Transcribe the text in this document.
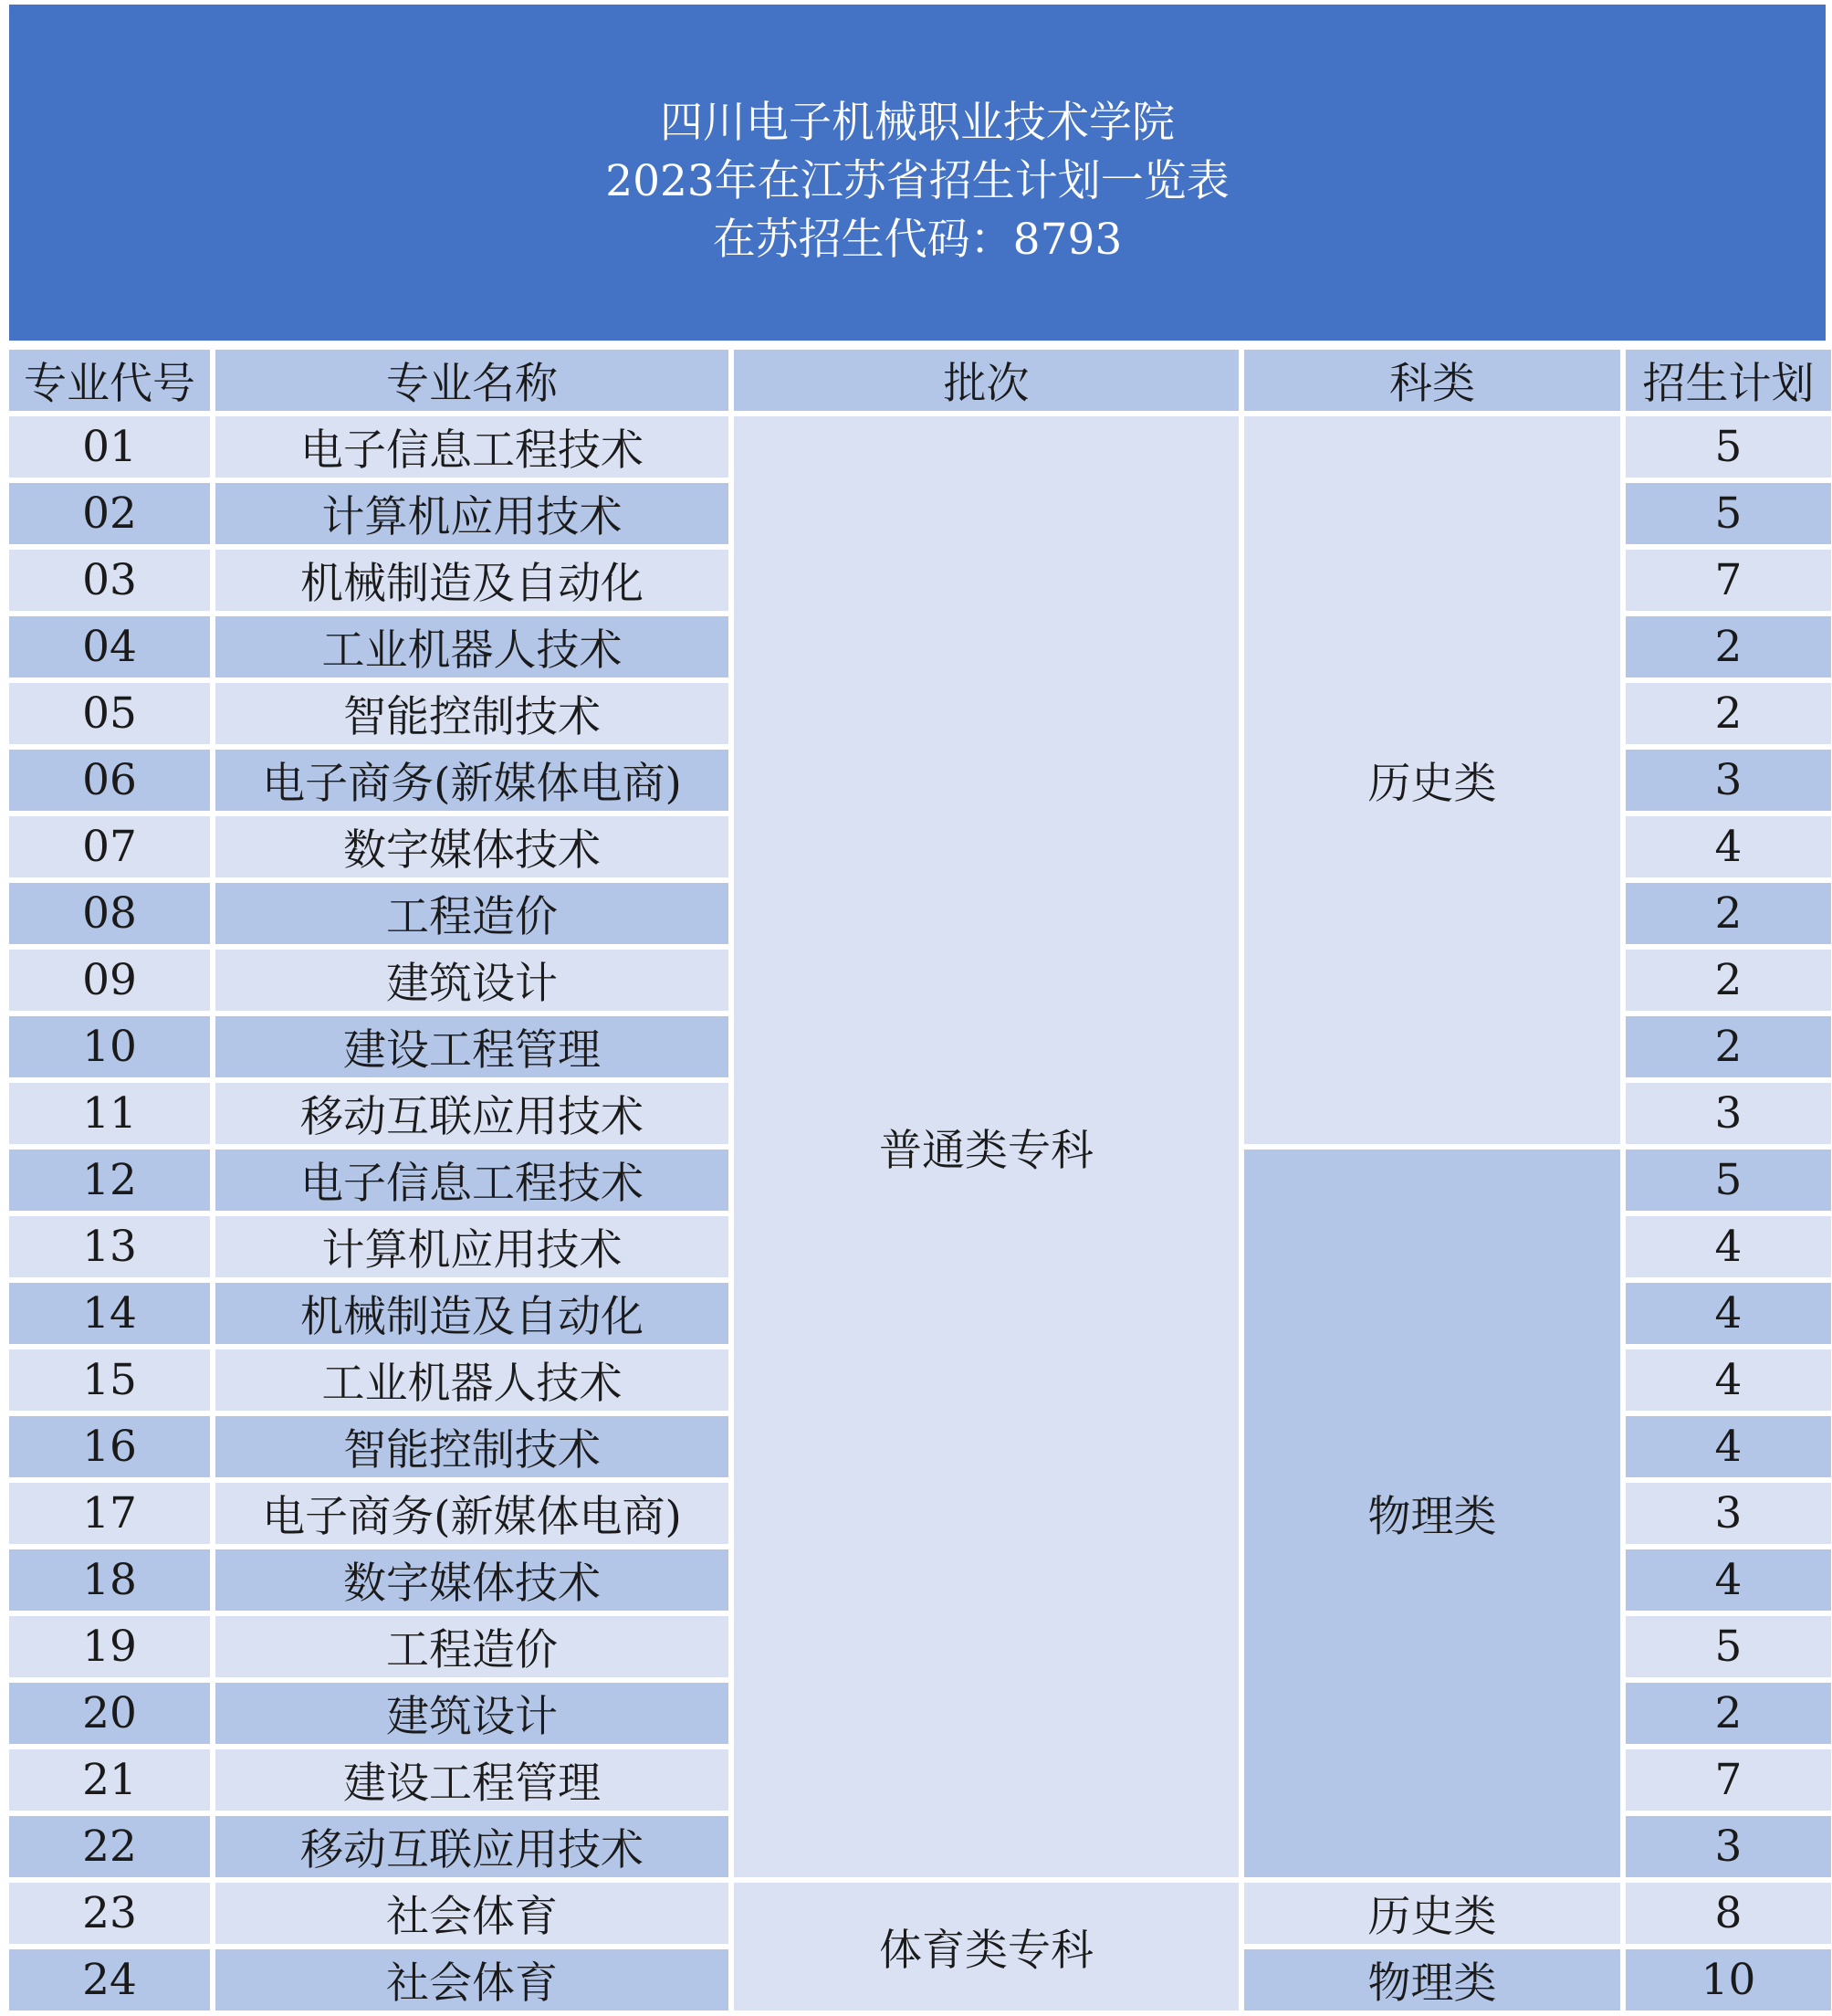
四川电子机械职业技术学院
2023年在江苏省招生计划一览表
在苏招生代码：8793
专业代号	专业名称	批次	科类	招生计划
01	电子信息工程技术	普通类专科	历史类	5
02	计算机应用技术			5
03	机械制造及自动化			7
04	工业机器人技术			2
05	智能控制技术			2
06	电子商务(新媒体电商)			3
07	数字媒体技术			4
08	工程造价			2
09	建筑设计			2
10	建设工程管理			2
11	移动互联应用技术			3
12	电子信息工程技术		物理类	5
13	计算机应用技术			4
14	机械制造及自动化			4
15	工业机器人技术			4
16	智能控制技术			4
17	电子商务(新媒体电商)			3
18	数字媒体技术			4
19	工程造价			5
20	建筑设计			2
21	建设工程管理			7
22	移动互联应用技术			3
23	社会体育	体育类专科	历史类	8
24	社会体育		物理类	10
